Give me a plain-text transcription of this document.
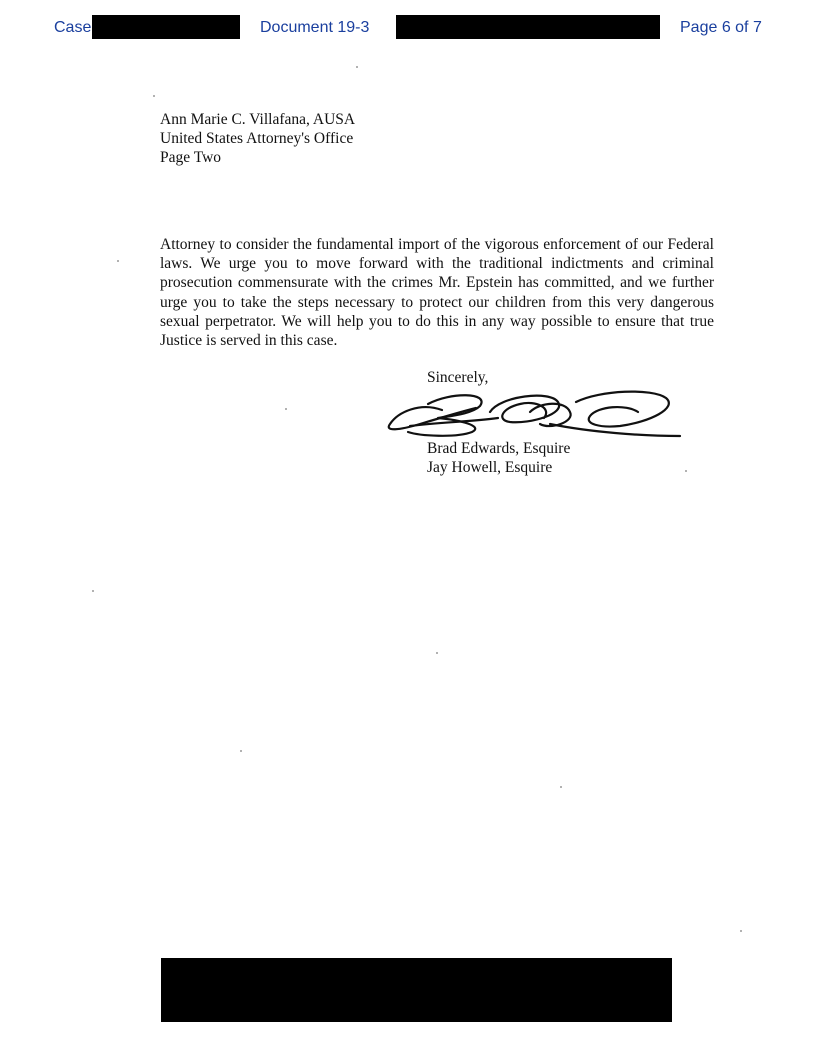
Case	Document 19-3	Page 6 of 7
Ann Marie C. Villafana, AUSA
United States Attorney's Office
Page Two

Attorney to consider the fundamental import of the vigorous enforcement of our Federal laws. We urge you to move forward with the traditional indictments and criminal prosecution commensurate with the crimes Mr. Epstein has committed, and we further urge you to take the steps necessary to protect our children from this very dangerous sexual perpetrator. We will help you to do this in any way possible to ensure that true Justice is served in this case.

Sincerely,
Brad Edwards, Esquire
Jay Howell, Esquire
